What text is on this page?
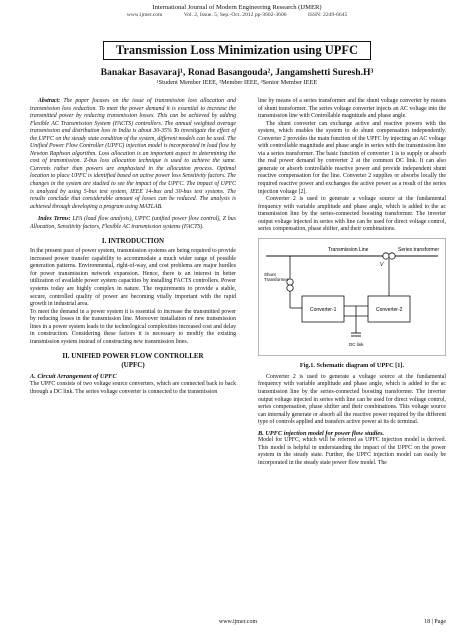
International Journal of Modern Engineering Research (IJMER)
www.ijmer.com	Vol. 2, Issue. 5, Sep.-Oct. 2012 pp-3602-3606	ISSN: 2249-6645
Transmission Loss Minimization using UPFC
Banakar Basavaraj¹, Ronad Basangouda², Jangamshetti Suresh.H³
¹Student Member IEEE, ²Member IEEE, ³Senior Member IEEE

Abstract: The paper focuses on the issue of transmission loss allocation and transmission loss reduction. To meet the power demand it is essential to increase the transmitted power by reducing transmission losses. This can be achieved by adding Flexible AC Transmission System (FACTS) controllers. The annual weighted average transmission and distribution loss in India is about 30-35% To investigate the effect of the UPFC on the steady state condition of the system, different models can be used. The Unified Power Flow Controller (UPFC) injection model is incorporated in load flow by Newton Raphson algorithm. Loss allocation is an important aspect in determining the cost of transmission. Z-bus loss allocation technique is used to achieve the same. Currents rather than powers are emphasized in the allocation process. Optimal location to place UPFC is identified based on active power loss Sensitivity factors. The changes in the system are studied to see the impact of the UPFC. The impact of UPFC is analyzed by using 5-bus test system, IEEE 14-bus and 30-bus test systems. The results conclude that considerable amount of losses can be reduced. The analysis is achieved through developing a program using MATLAB.

Index Terms: LFA (load flow analysis), UPFC (unified power flow control), Z bus Allocation, Sensitivity factors, Flexible AC transmission systems (FACTS).

I. INTRODUCTION

In the present pace of power system, transmission systems are being required to provide increased power transfer capability to accommodate a much wider range of possible generation patterns. Environmental, right-of-way, and cost problems are major hurdles for power transmission network expansion. Hence, there is an interest in better utilization of available power system capacities by installing FACTS controllers. Power systems today are highly complex in nature. The requirements to provide a stable, secure, controlled quality of power are becoming vitally important with the rapid growth in industrial area.

To meet the demand in a power system it is essential to increase the transmitted power by reducing losses in the transmission line. Moreover installation of new transmission lines in a power system leads to the technological complexities increased cost and delay in construction. Considering these factors it is necessary to modify the existing transmission system instead of constructing new transmission lines.

II. UNIFIED POWER FLOW CONTROLLER
(UPFC)
A. Circuit Arrangement of UPFC

The UPFC consists of two voltage source converters, which are connected back to back through a DC link. The series voltage converter is connected to the transmission

line by means of a series transformer and the shunt voltage converter by means of shunt transformer. The series voltage converter injects an AC voltage into the transmission line with Controllable magnitude and phase angle.

The shunt converter can exchange active and reactive powers with the system, which enables the system to do shunt compensation independently. Converter 2 provides the main function of the UPFC by injecting an AC voltage with controllable magnitude and phase angle in series with the transmission line via a series transformer. The basic function of converter 1 is to supply or absorb the real power demand by converter 2 at the common DC link. It can also generate or absorb controllable reactive power and provide independent shunt reactive compensation for the line. Converter 2 supplies or absorbs locally the required reactive power and exchanges the active power as a result of the series injection voltage [2].

Converter 2 is used to generate a voltage source at the fundamental frequency with variable amplitude and phase angle, which is added to the ac transmission line by the series-connected boosting transformer. The inverter output voltage injected in series with line can be used for direct voltage control, series compensation, phase shifter, and their combinations.

Transmission Line	Series transformer
V
Shunt
Transformer
Converter-1	Converter-2
DC link
Fig.1. Schematic diagram of UPFC [1].

Converter 2 is used to generate a voltage source at the fundamental frequency with variable amplitude and phase angle, which is added to the ac transmission line by the series-connected boosting transformer. The inverter output voltage injected in series with line can be used for direct voltage control, series compensation, phase shifter and their combinations. This voltage source can internally generate or absorb all the reactive power required by the different type of controls applied and transfers active power at its dc terminal.

B. UPFC injection model for power flow studies.

Model for UPFC, which will be referred as UPFC injection model is derived. This model is helpful in understanding the impact of the UPFC on the power system in the steady state. Further, the UPFC injection model can easily be incorporated in the steady state power flow model. The

www.ijmer.com	18 | Page
